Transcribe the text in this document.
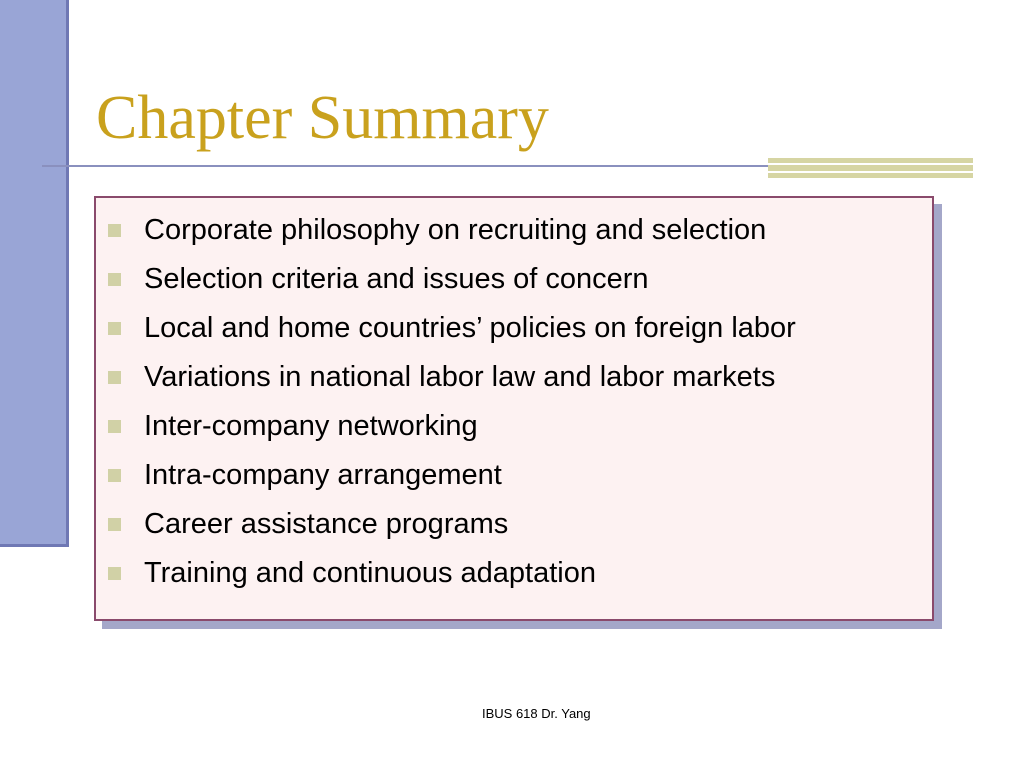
Chapter Summary
Corporate philosophy on recruiting and selection
Selection criteria and issues of concern
Local and home countries’ policies on foreign labor
Variations in national labor law and labor markets
Inter-company networking
Intra-company arrangement
Career assistance programs
Training and continuous adaptation
IBUS 618 Dr. Yang
